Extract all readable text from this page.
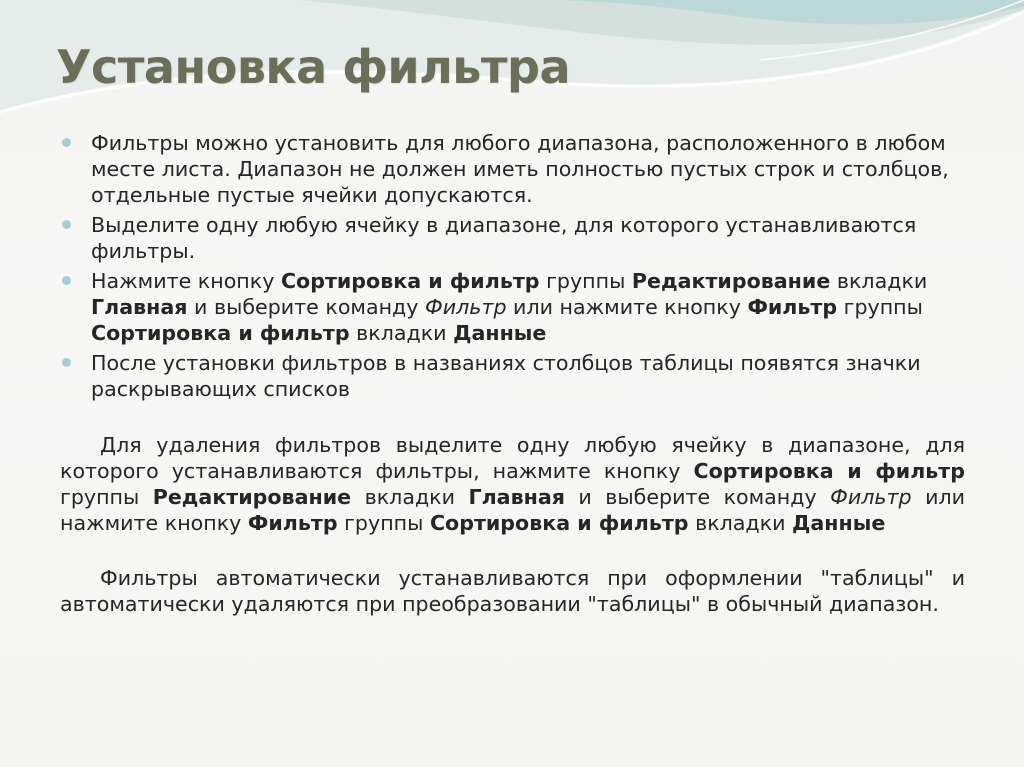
Установка фильтра
Фильтры можно установить для любого диапазона, расположенного в любом месте листа. Диапазон не должен иметь полностью пустых строк и столбцов, отдельные пустые ячейки допускаются.
Выделите одну любую ячейку в диапазоне, для которого устанавливаются фильтры.
Нажмите кнопку Сортировка и фильтр группы Редактирование вкладки Главная и выберите команду Фильтр или нажмите кнопку Фильтр группы Сортировка и фильтр вкладки Данные
После установки фильтров в названиях столбцов таблицы появятся значки раскрывающих списков

Для удаления фильтров выделите одну любую ячейку в диапазоне, для которого устанавливаются фильтры, нажмите кнопку Сортировка и фильтр группы Редактирование вкладки Главная и выберите команду Фильтр или нажмите кнопку Фильтр группы Сортировка и фильтр вкладки Данные

Фильтры автоматически устанавливаются при оформлении "таблицы" и автоматически удаляются при преобразовании "таблицы" в обычный диапазон.
